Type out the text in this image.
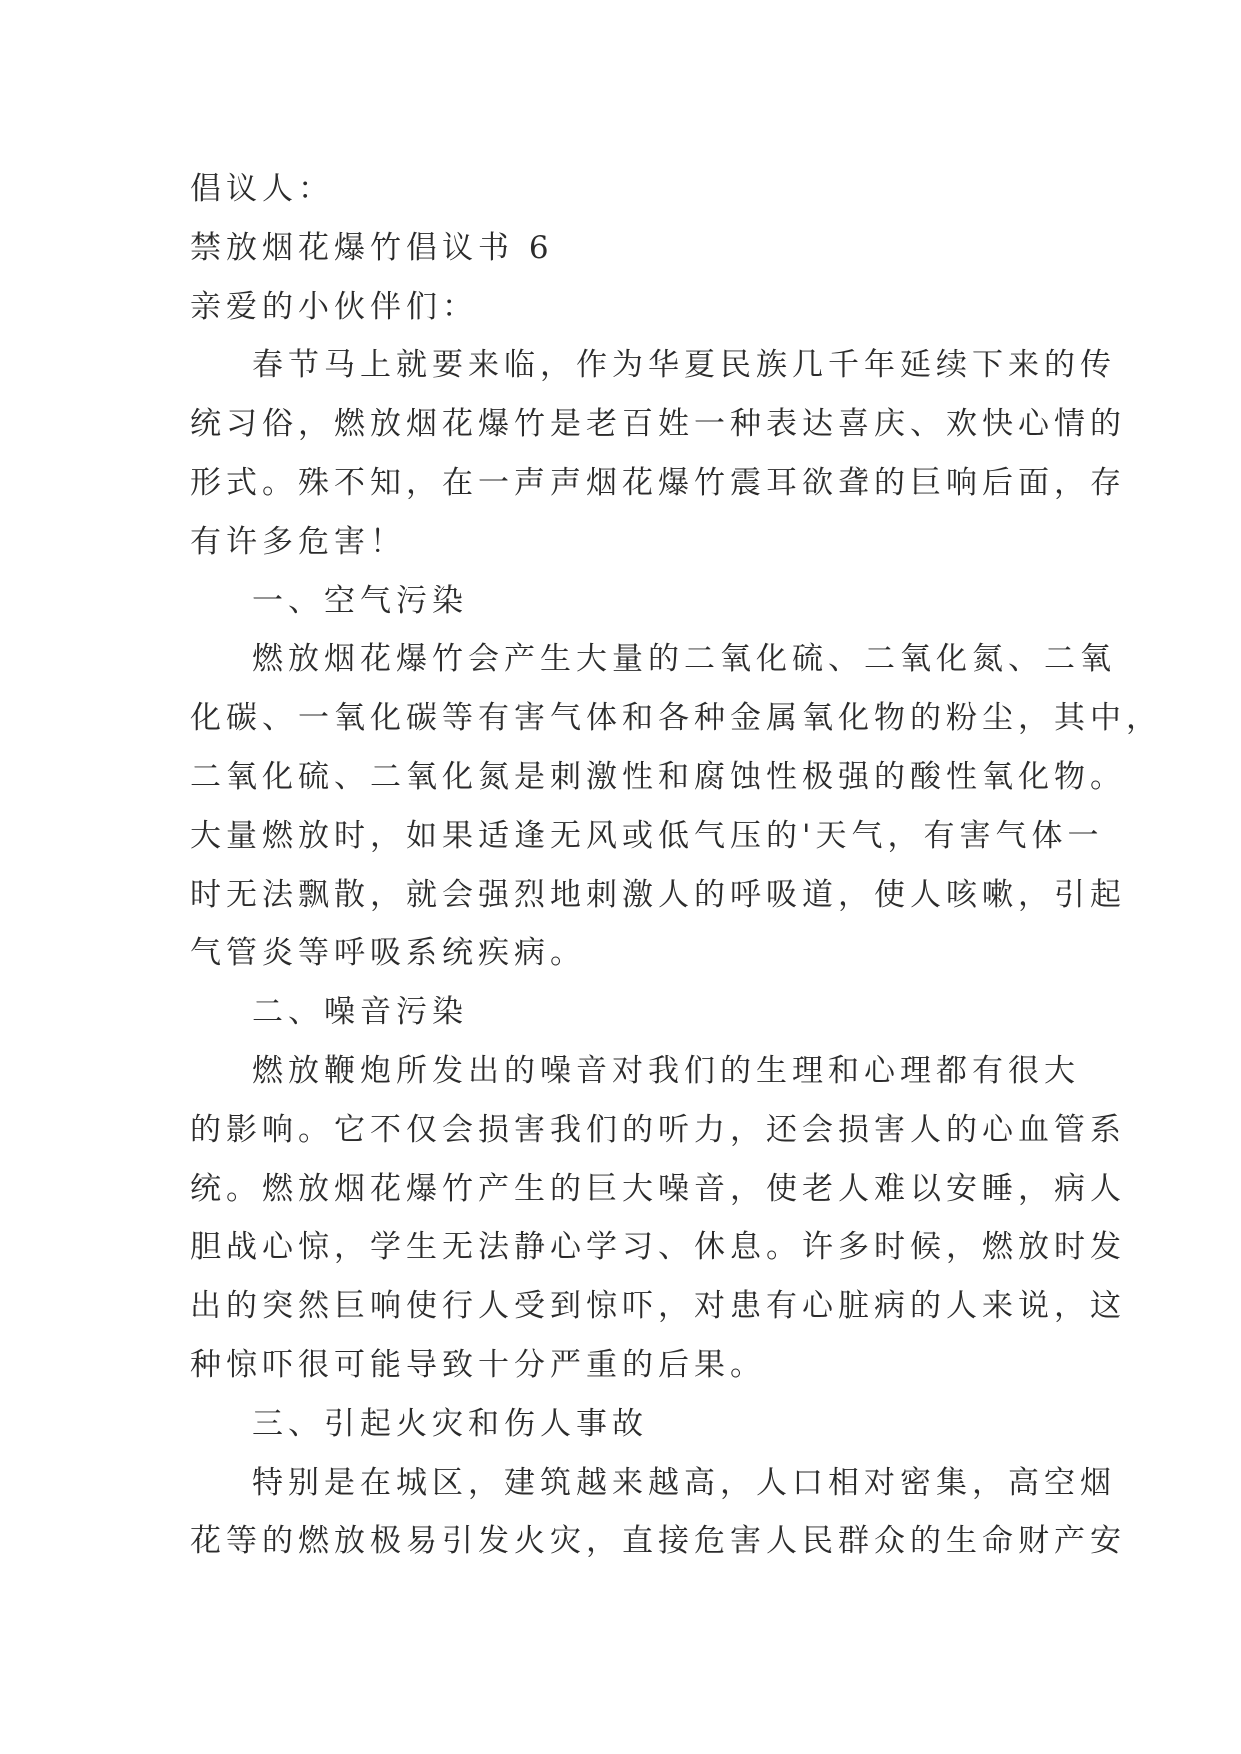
倡议人：
禁放烟花爆竹倡议书 6
亲爱的小伙伴们：
春节马上就要来临，作为华夏民族几千年延续下来的传
统习俗，燃放烟花爆竹是老百姓一种表达喜庆、欢快心情的
形式。殊不知，在一声声烟花爆竹震耳欲聋的巨响后面，存
有许多危害！
一、空气污染
燃放烟花爆竹会产生大量的二氧化硫、二氧化氮、二氧
化碳、一氧化碳等有害气体和各种金属氧化物的粉尘，其中，
二氧化硫、二氧化氮是刺激性和腐蚀性极强的酸性氧化物。
大量燃放时，如果适逢无风或低气压的'天气，有害气体一
时无法飘散，就会强烈地刺激人的呼吸道，使人咳嗽，引起
气管炎等呼吸系统疾病。
二、噪音污染
燃放鞭炮所发出的噪音对我们的生理和心理都有很大
的影响。它不仅会损害我们的听力，还会损害人的心血管系
统。燃放烟花爆竹产生的巨大噪音，使老人难以安睡，病人
胆战心惊，学生无法静心学习、休息。许多时候，燃放时发
出的突然巨响使行人受到惊吓，对患有心脏病的人来说，这
种惊吓很可能导致十分严重的后果。
三、引起火灾和伤人事故
特别是在城区，建筑越来越高，人口相对密集，高空烟
花等的燃放极易引发火灾，直接危害人民群众的生命财产安
